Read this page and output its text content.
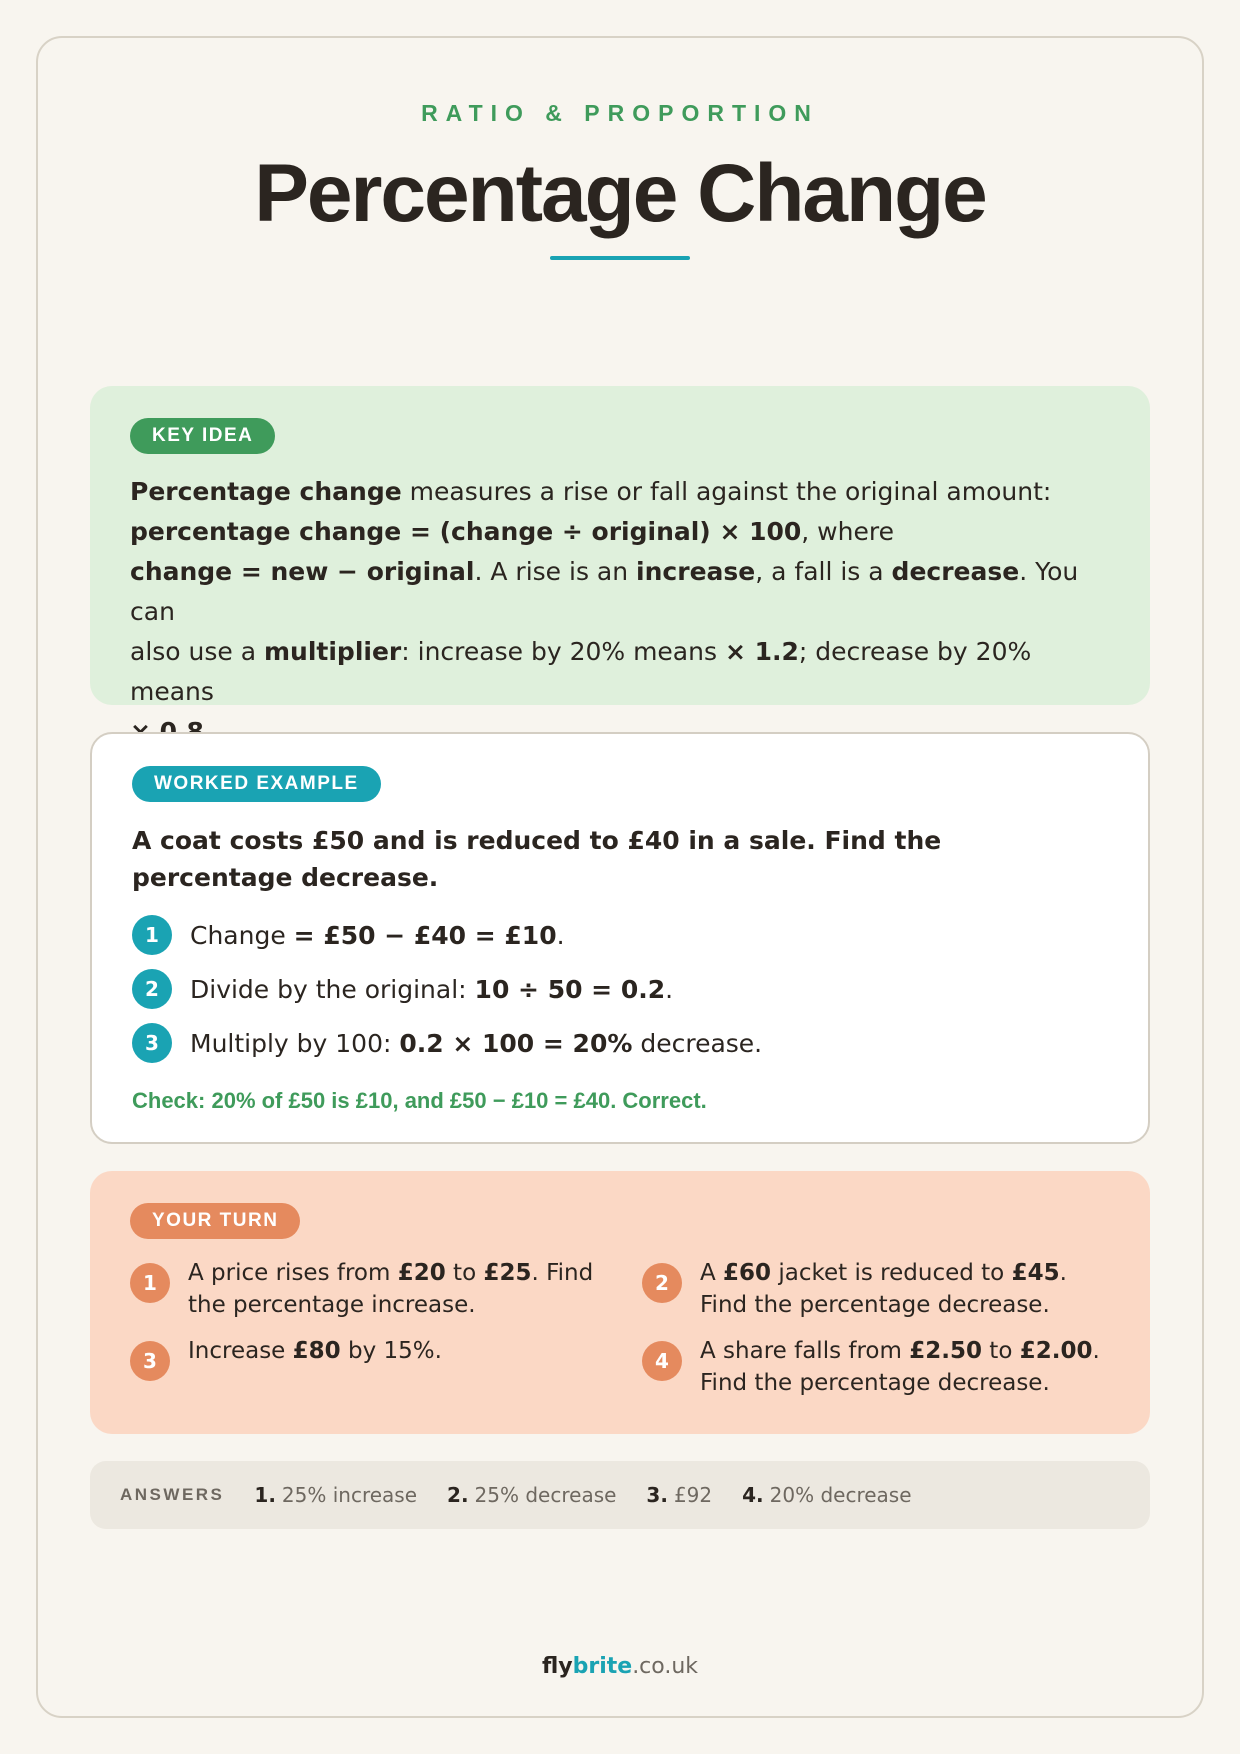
RATIO & PROPORTION
Percentage Change
KEY IDEA
Percentage change measures a rise or fall against the original amount:
percentage change = (change ÷ original) × 100, where
change = new − original. A rise is an increase, a fall is a decrease. You can
also use a multiplier: increase by 20% means × 1.2; decrease by 20% means

WORKED EXAMPLE
A coat costs £50 and is reduced to £40 in a sale. Find the percentage decrease.
1	Change = £50 − £40 = £10.
2	Divide by the original: 10 ÷ 50 = 0.2.
3	Multiply by 100: 0.2 × 100 = 20% decrease.
Check: 20% of £50 is £10, and £50 − £10 = £40. Correct.
YOUR TURN
1	A price rises from £20 to £25. Find the percentage increase.
2	A £60 jacket is reduced to £45. Find the percentage decrease.
3	Increase £80 by 15%.	4	A share falls from £2.50 to £2.00. Find the percentage decrease.
ANSWERS 1. 25% increase 2. 25% decrease 3. £92 4. 20% decrease
flybrite.co.uk
